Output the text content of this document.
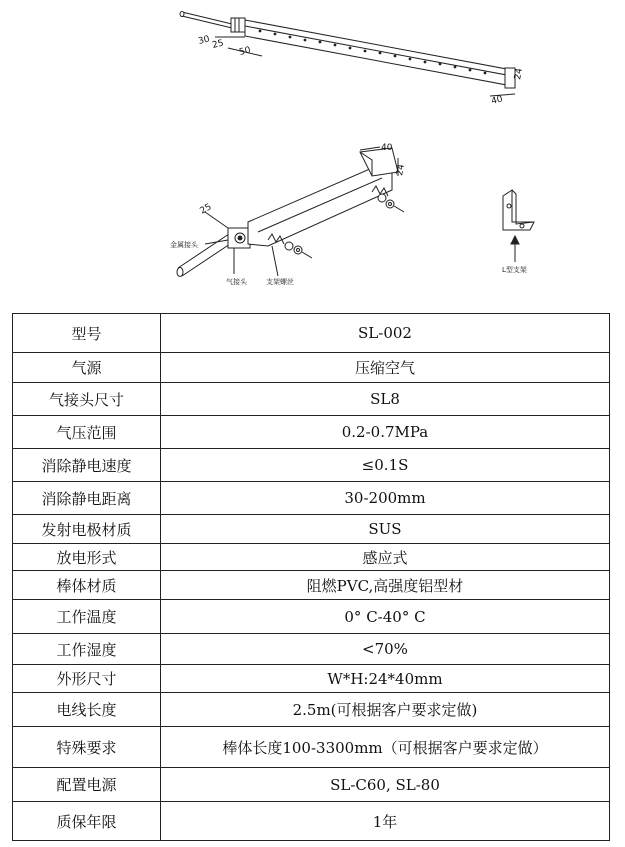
30 25
50
40
24
40
24
25
金属接头
气接头	支架螺丝
L型支架
型号	SL-002
气源	压缩空气
气接头尺寸	SL8
气压范围	0.2-0.7MPa
消除静电速度	≤0.1S
消除静电距离	30-200mm
发射电极材质	SUS
放电形式	感应式
棒体材质	阻燃PVC,高强度铝型材
工作温度	0° C-40° C
工作湿度	<70%
外形尺寸	W*H:24*40mm
电线长度	2.5m(可根据客户要求定做)
特殊要求	棒体长度100-3300mm（可根据客户要求定做）
配置电源	SL-C60, SL-80
质保年限	1年
